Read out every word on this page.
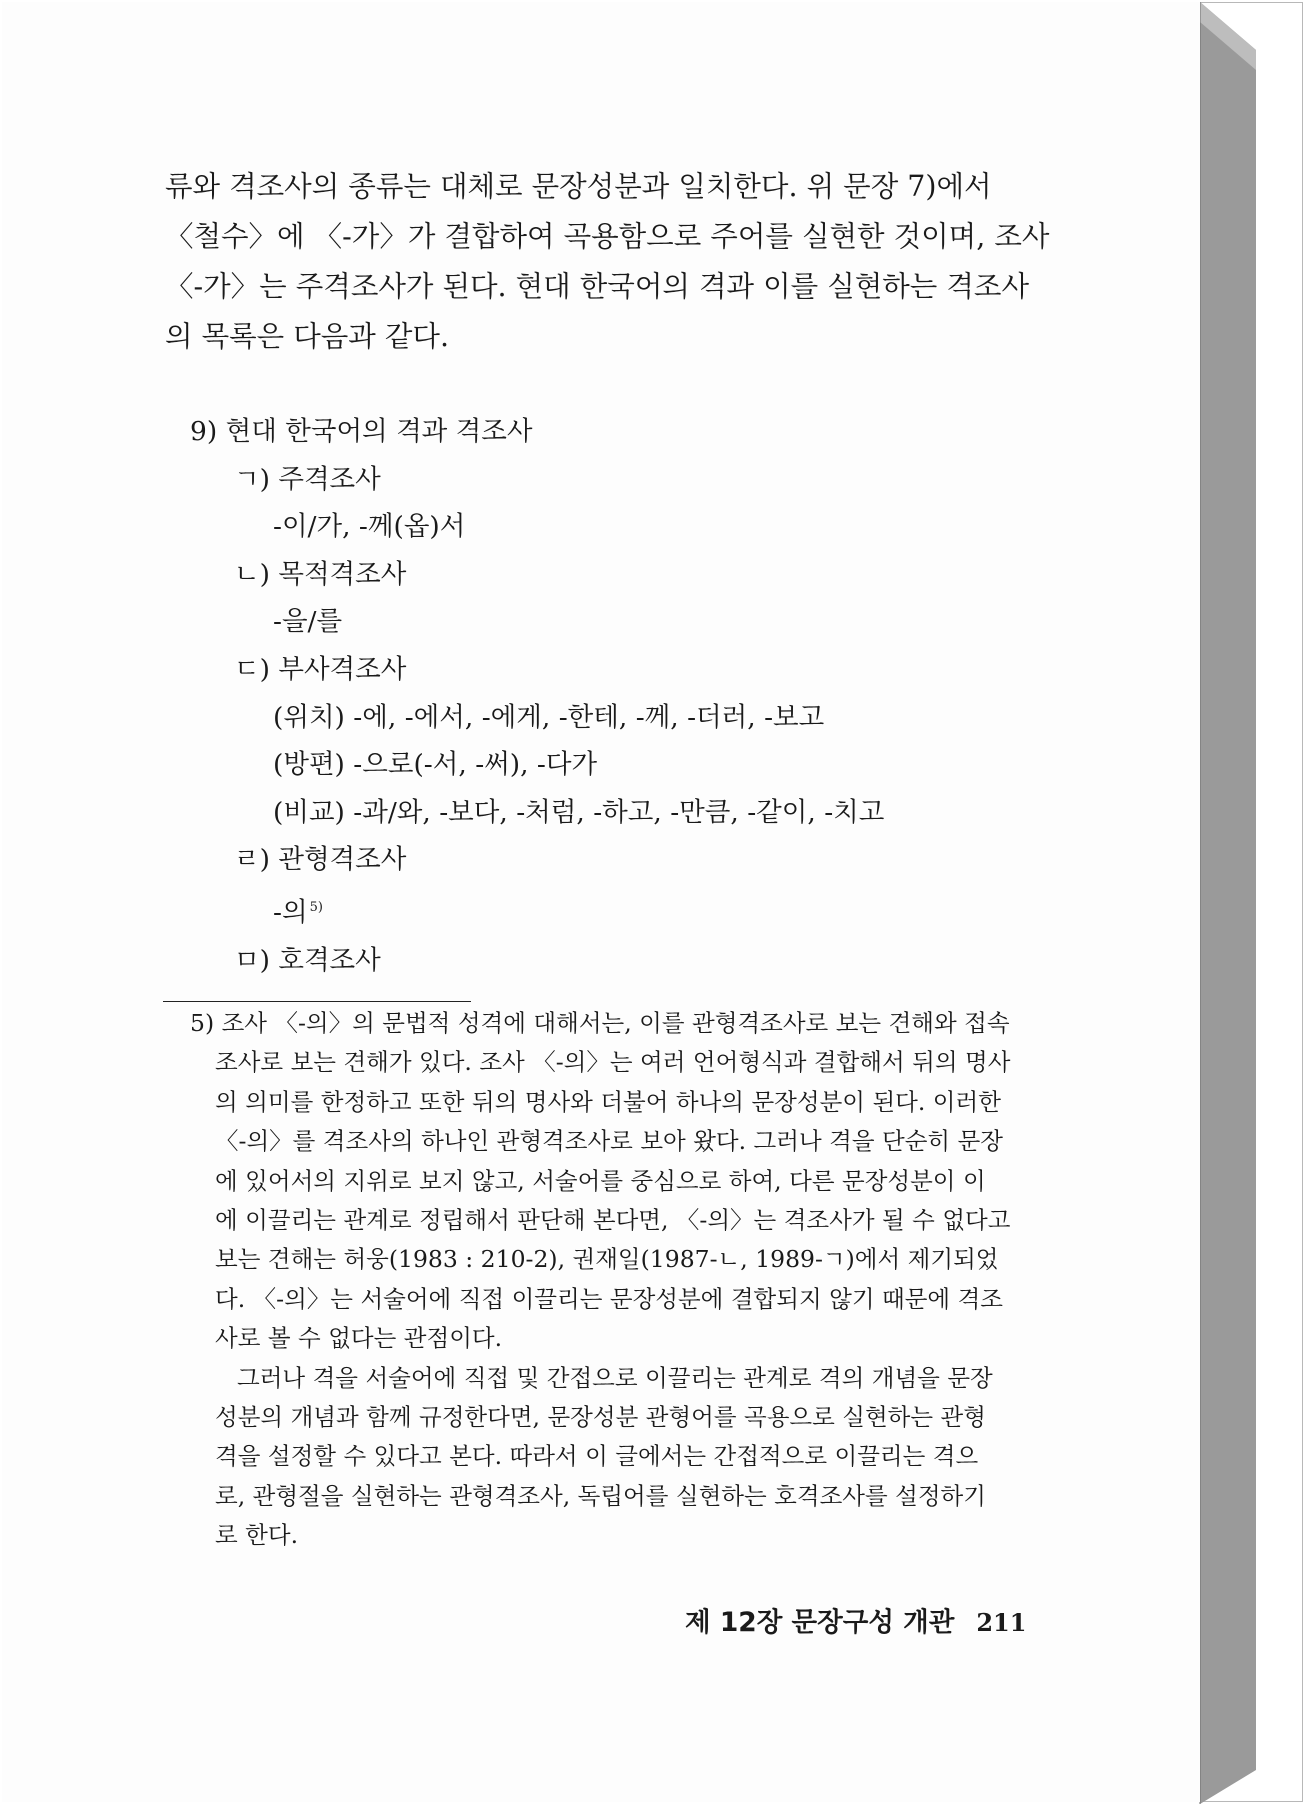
류와 격조사의 종류는 대체로 문장성분과 일치한다. 위 문장 7)에서
〈철수〉에 〈-가〉가 결합하여 곡용함으로 주어를 실현한 것이며, 조사
〈-가〉는 주격조사가 된다. 현대 한국어의 격과 이를 실현하는 격조사
의 목록은 다음과 같다.

9) 현대 한국어의 격과 격조사
ㄱ) 주격조사
-이/가, -께(옵)서
ㄴ) 목적격조사
-을/를
ㄷ) 부사격조사
(위치) -에, -에서, -에게, -한테, -께, -더러, -보고
(방편) -으로(-서, -써), -다가
(비교) -과/와, -보다, -처럼, -하고, -만큼, -같이, -치고
ㄹ) 관형격조사
-의 $^{5)}$
ㅁ) 호격조사
5) 조사 〈-의〉의 문법적 성격에 대해서는, 이를 관형격조사로 보는 견해와 접속
조사로 보는 견해가 있다. 조사 〈-의〉는 여러 언어형식과 결합해서 뒤의 명사
의 의미를 한정하고 또한 뒤의 명사와 더불어 하나의 문장성분이 된다. 이러한
〈-의〉를 격조사의 하나인 관형격조사로 보아 왔다. 그러나 격을 단순히 문장
에 있어서의 지위로 보지 않고, 서술어를 중심으로 하여, 다른 문장성분이 이
에 이끌리는 관계로 정립해서 판단해 본다면, 〈-의〉는 격조사가 될 수 없다고
보는 견해는 허웅(1983 : 210-2), 권재일(1987-ㄴ, 1989-ㄱ)에서 제기되었
다. 〈-의〉는 서술어에 직접 이끌리는 문장성분에 결합되지 않기 때문에 격조
사로 볼 수 없다는 관점이다.
그러나 격을 서술어에 직접 및 간접으로 이끌리는 관계로 격의 개념을 문장
성분의 개념과 함께 규정한다면, 문장성분 관형어를 곡용으로 실현하는 관형
격을 설정할 수 있다고 본다. 따라서 이 글에서는 간접적으로 이끌리는 격으
로, 관형절을 실현하는 관형격조사, 독립어를 실현하는 호격조사를 설정하기
로 한다.
제 12장 문장구성 개관 211
